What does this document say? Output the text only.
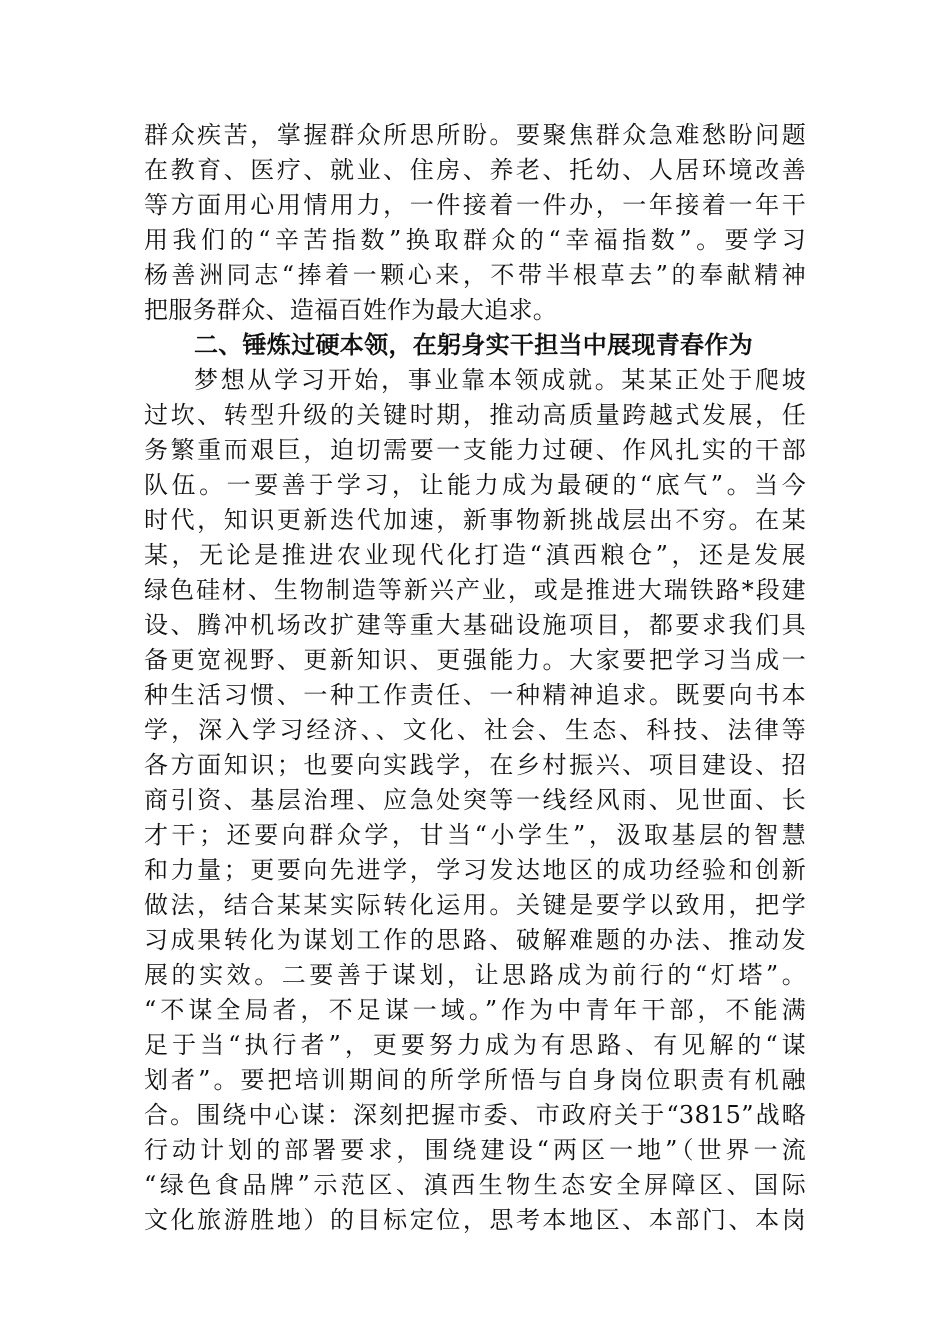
群众疾苦，掌握群众所思所盼。要聚焦群众急难愁盼问题
在教育、医疗、就业、住房、养老、托幼、人居环境改善
等方面用心用情用力，一件接着一件办，一年接着一年干
用我们的“辛苦指数”换取群众的“幸福指数”。要学习
杨善洲同志“捧着一颗心来，不带半根草去”的奉献精神
把服务群众、造福百姓作为最大追求。
二、锤炼过硬本领，在躬身实干担当中展现青春作为
梦想从学习开始，事业靠本领成就。某某正处于爬坡
过坎、转型升级的关键时期，推动高质量跨越式发展，任
务繁重而艰巨，迫切需要一支能力过硬、作风扎实的干部
队伍。一要善于学习，让能力成为最硬的“底气”。当今
时代，知识更新迭代加速，新事物新挑战层出不穷。在某
某，无论是推进农业现代化打造“滇西粮仓”，还是发展
绿色硅材、生物制造等新兴产业，或是推进大瑞铁路*段建
设、腾冲机场改扩建等重大基础设施项目，都要求我们具
备更宽视野、更新知识、更强能力。大家要把学习当成一
种生活习惯、一种工作责任、一种精神追求。既要向书本
学，深入学习经济、、文化、社会、生态、科技、法律等
各方面知识；也要向实践学，在乡村振兴、项目建设、招
商引资、基层治理、应急处突等一线经风雨、见世面、长
才干；还要向群众学，甘当“小学生”，汲取基层的智慧
和力量；更要向先进学，学习发达地区的成功经验和创新
做法，结合某某实际转化运用。关键是要学以致用，把学
习成果转化为谋划工作的思路、破解难题的办法、推动发
展的实效。二要善于谋划，让思路成为前行的“灯塔”。
“不谋全局者，不足谋一域。”作为中青年干部，不能满
足于当“执行者”，更要努力成为有思路、有见解的“谋
划者”。要把培训期间的所学所悟与自身岗位职责有机融
合。围绕中心谋：深刻把握市委、市政府关于“3815”战略
行动计划的部署要求，围绕建设“两区一地”（世界一流
“绿色食品牌”示范区、滇西生物生态安全屏障区、国际
文化旅游胜地）的目标定位，思考本地区、本部门、本岗
